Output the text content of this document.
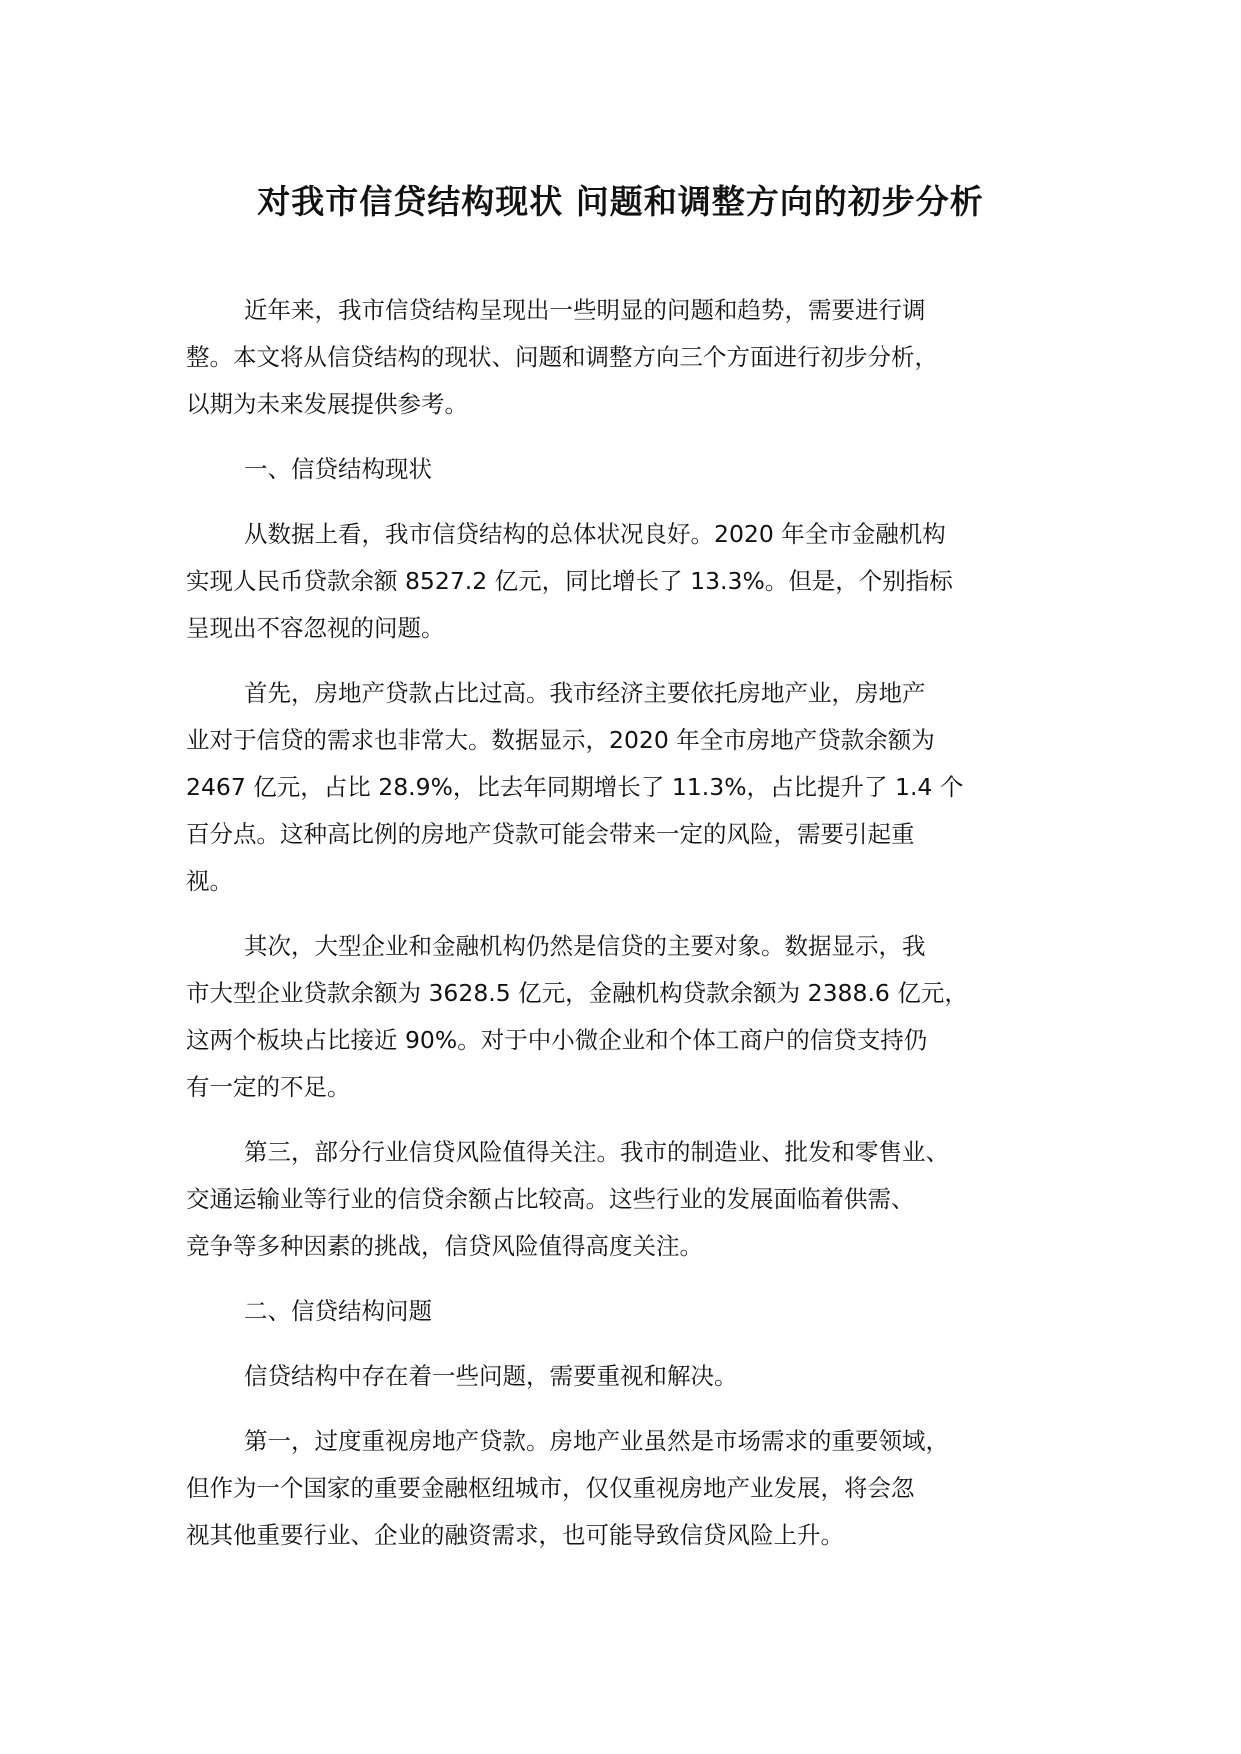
对我市信贷结构现状 问题和调整方向的初步分析

近年来，我市信贷结构呈现出一些明显的问题和趋势，需要进行调
整。本文将从信贷结构的现状、问题和调整方向三个方面进行初步分析，
以期为未来发展提供参考。

一、信贷结构现状

从数据上看，我市信贷结构的总体状况良好。2020 年全市金融机构
实现人民币贷款余额 8527.2 亿元，同比增长了 13.3%。但是，个别指标
呈现出不容忽视的问题。

首先，房地产贷款占比过高。我市经济主要依托房地产业，房地产
业对于信贷的需求也非常大。数据显示，2020 年全市房地产贷款余额为
2467 亿元，占比 28.9%，比去年同期增长了 11.3%，占比提升了 1.4 个
百分点。这种高比例的房地产贷款可能会带来一定的风险，需要引起重
视。

其次，大型企业和金融机构仍然是信贷的主要对象。数据显示，我
市大型企业贷款余额为 3628.5 亿元，金融机构贷款余额为 2388.6 亿元，
这两个板块占比接近 90%。对于中小微企业和个体工商户的信贷支持仍
有一定的不足。

第三，部分行业信贷风险值得关注。我市的制造业、批发和零售业、
交通运输业等行业的信贷余额占比较高。这些行业的发展面临着供需、
竞争等多种因素的挑战，信贷风险值得高度关注。

二、信贷结构问题

信贷结构中存在着一些问题，需要重视和解决。

第一，过度重视房地产贷款。房地产业虽然是市场需求的重要领域，
但作为一个国家的重要金融枢纽城市，仅仅重视房地产业发展，将会忽
视其他重要行业、企业的融资需求，也可能导致信贷风险上升。
